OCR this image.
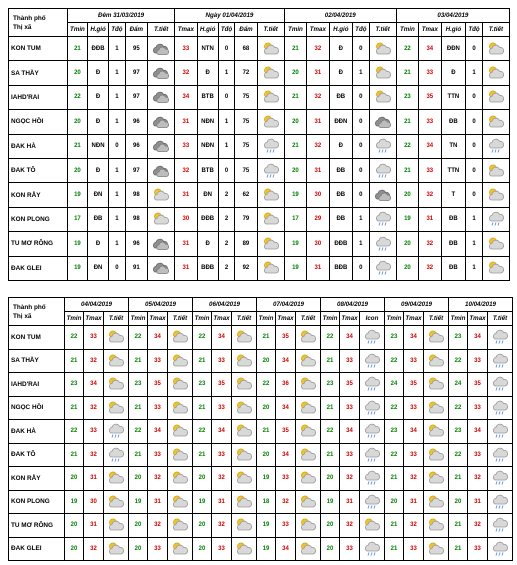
Thành phố
Thị xã	Đêm 31/03/2019					Ngày 01/04/2019					02/04/2019					03/04/2019				
	Tmin	H.gió	Tđộ	Đẩm	T.tiết	Tmax	H.gió	Tđộ	Đẩm	T.tiết	Tmin	Tmax	H.gió	Tđộ	T.tiết	Tmin	Tmax	H.gió	Tđộ	T.tiết
KON TUM	21	ĐĐB	1	95		33	NTN	0	68		21	32	Đ	0		22	34	ĐĐN	0	

SA THẦY	20	Đ	1	97		32	Đ	1	72		20	31	Đ	1		21	33	Đ	1	

IAHD'RAI	22	Đ	1	97		34	BTB	0	75		21	32	ĐB	0		23	35	TTN	0	

NGỌC HỒI	20	Đ	1	96		31	NĐN	1	75		20	31	ĐĐN	0		21	33	ĐB	0	

ĐAK HÀ	21	NĐN	0	96		33	NĐN	1	75		21	32	Đ	0		22	34	TN	0	

ĐAK TÔ	20	Đ	1	97		32	BTB	0	75		20	31	ĐB	0		21	33	TTN	0	

KON RẪY	19	ĐN	1	98		31	ĐN	2	62		19	30	ĐB	0		20	32	T	0	

KON PLONG	17	ĐB	1	98		30	ĐĐB	2	79		17	29	ĐB	1		19	31	ĐB	1	

TU MƠ RÔNG	19	Đ	1	96		31	Đ	2	89		19	30	ĐĐB	1		20	32	ĐB	1	

ĐAK GLEI	19	ĐN	0	91		31	BĐB	2	92		19	31	BĐB	0		20	32	ĐB	1	
Thành phố
Thị xã	04/04/2019			05/04/2019			06/04/2019			07/04/2019			08/04/2019			09/04/2019			10/04/2019		
	Tmin	Tmax	T.tiết	Tmin	Tmax	T.tiết	Tmin	Tmax	T.tiết	Tmin	Tmax	T.tiết	Tmin	Tmax	Icon	Tmin	Tmax	T.tiết	Tmin	Tmax	T.tiết
KON TUM	22	33		22	34		22	34		21	35		22	34		23	34		23	34	

SA THẦY	21	32		21	33		21	33		20	34		21	33		22	33		22	33	

IAHD'RAI	23	34		23	35		23	35		22	36		23	35		24	35		24	35	

NGỌC HỒI	21	32		21	33		21	33		20	34		21	33		22	33		22	33	

ĐAK HÀ	22	33		22	34		22	34		21	35		22	34		23	34		23	34	

ĐAK TÔ	21	32		21	33		21	33		20	34		21	33		22	33		22	33	

KON RẪY	20	31		20	32		20	32		19	33		20	32		21	32		21	32	

KON PLONG	19	30		19	31		19	31		18	32		19	31		20	31		20	31	

TU MƠ RÔNG	20	31		20	32		20	32		19	33		20	32		21	32		21	32	

ĐAK GLEI	20	32		20	33		20	33		19	34		20	33		21	33		21	33	
